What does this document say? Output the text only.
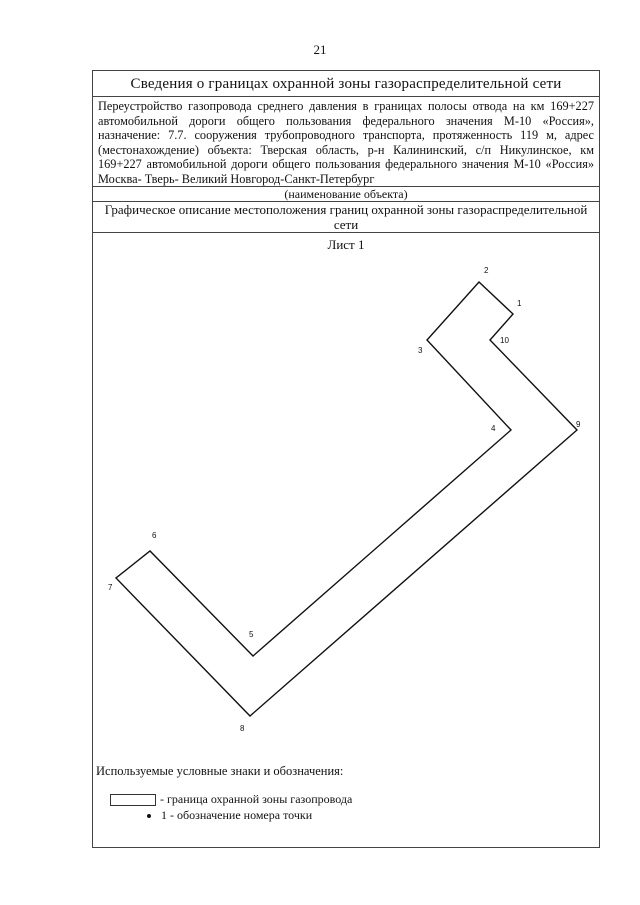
21
Сведения о границах охранной зоны газораспределительной сети
Переустройство газопровода среднего давления в границах полосы отвода на км 169+227 автомобильной дороги общего пользования федерального значения М-10 «Россия», назначение: 7.7. сооружения трубопроводного транспорта, протяженность 119 м, адрес (местонахождение) объекта: Тверская область, р-н Калининский, с/п Никулинское, км 169+227 автомобильной дороги общего пользования федерального значения М-10 «Россия» Москва- Тверь- Великий Новгород-Санкт-Петербург
(наименование объекта)
Графическое описание местоположения границ охранной зоны газораспределительной сети
Лист 1
1
2
3
4
5
6
7
8
9
10
Используемые условные знаки и обозначения:
- граница охранной зоны газопровода
1 - обозначение номера точки
